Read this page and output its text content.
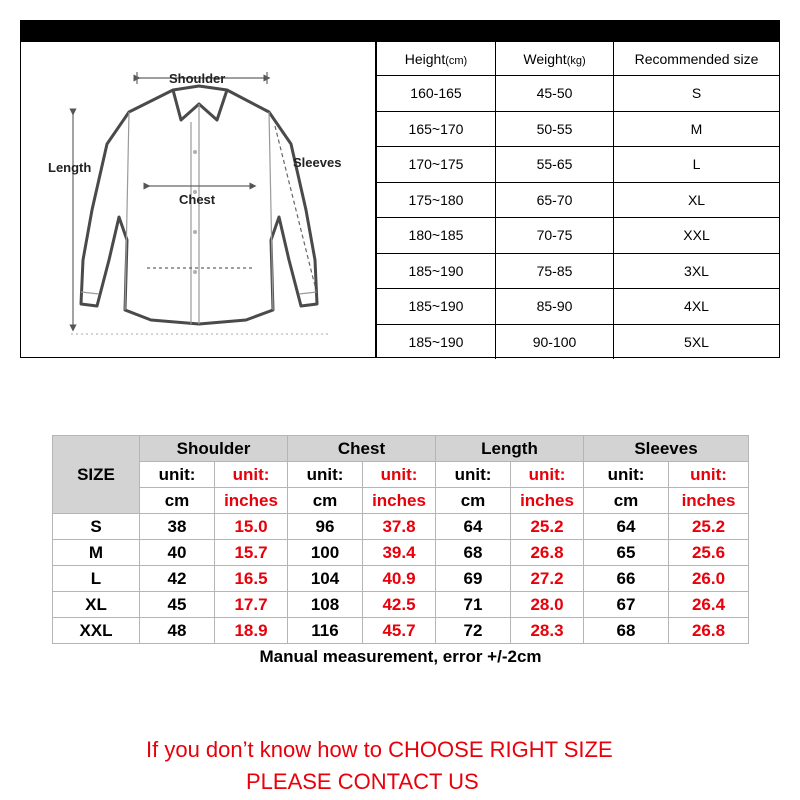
Shoulder
Length	Sleeves
Chest
Height(cm)	Weight(kg)	Recommended size
160-165	45-50	S
165~170	50-55	M
170~175	55-65	L
175~180	65-70	XL
180~185	70-75	XXL
185~190	75-85	3XL
185~190	85-90	4XL
185~190	90-100	5XL
SIZE	Shoulder		Chest		Length		Sleeves	
	unit:	unit:	unit:	unit:	unit:	unit:	unit:	unit:
	cm	inches	cm	inches	cm	inches	cm	inches
S	38	15.0	96	37.8	64	25.2	64	25.2
M	40	15.7	100	39.4	68	26.8	65	25.6
L	42	16.5	104	40.9	69	27.2	66	26.0
XL	45	17.7	108	42.5	71	28.0	67	26.4
XXL	48	18.9	116	45.7	72	28.3	68	26.8
Manual measurement, error +/-2cm								
If you don’t know how to CHOOSE RIGHT SIZE
PLEASE CONTACT US
